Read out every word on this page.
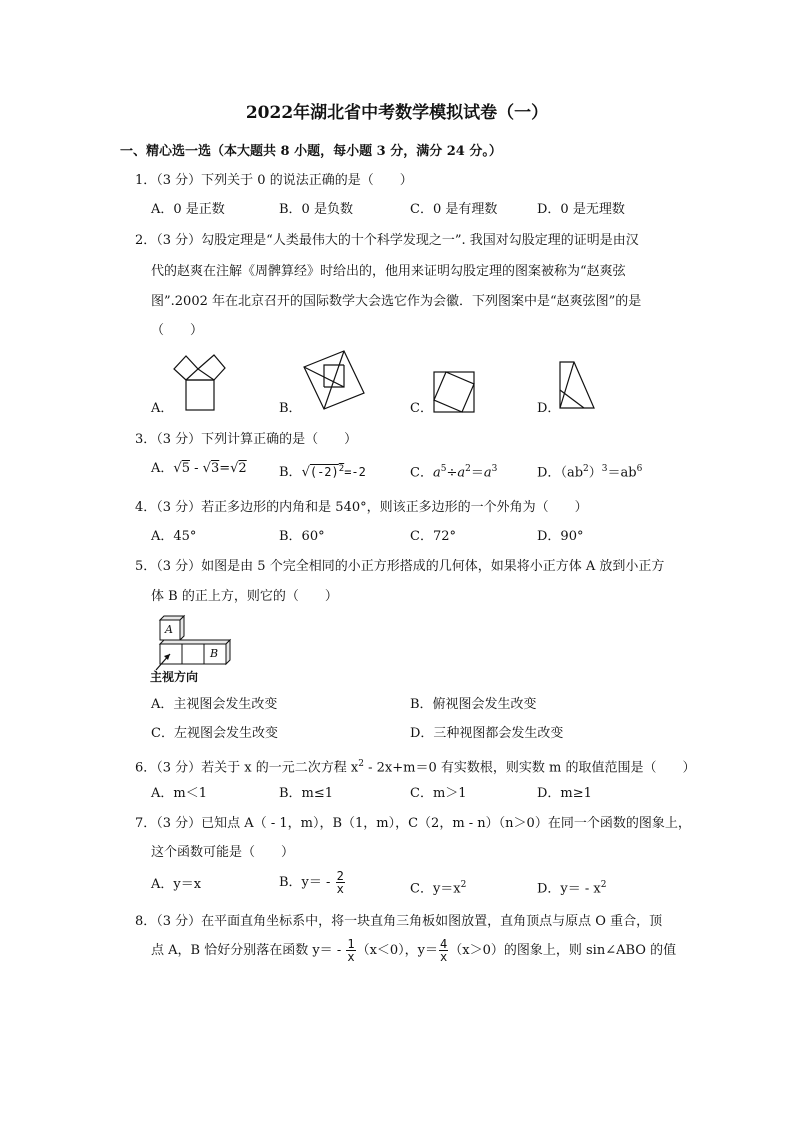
2022年湖北省中考数学模拟试卷（一）
一、精心选一选（本大题共 8 小题，每小题 3 分，满分 24 分。）
1．（3 分）下列关于 0 的说法正确的是（　　）
A．0 是正数	B．0 是负数	C．0 是有理数	D．0 是无理数
2．（3 分）勾股定理是“人类最伟大的十个科学发现之一”. 我国对勾股定理的证明是由汉
代的赵爽在注解《周髀算经》时给出的，他用来证明勾股定理的图案被称为“赵爽弦
图”.2002 年在北京召开的国际数学大会选它作为会徽．下列图案中是“赵爽弦图”的是
（　　）
A．	B．	C．	D．
3．（3 分）下列计算正确的是（　　）
A．√5 - √3=√2 B．$√(-2)^2=-2$	C．$a^5\div a^2=a^3$	D．$(ab^2)^3=ab^6$
4．（3 分）若正多边形的内角和是 540°，则该正多边形的一个外角为（　　）
A．45°	B．60°	C．72°	D．90°
5．（3 分）如图是由 5 个完全相同的小正方形搭成的几何体，如果将小正方体 A 放到小正方
体 B 的正上方，则它的（　　）
A
B
主视方向
A．主视图会发生改变	B．俯视图会发生改变
C．左视图会发生改变	D．三种视图都会发生改变
6．（3 分）若关于 x 的一元二次方程 $x^2 - 2x+m=0$ 有实数根，则实数 m 的取值范围是（　　）
A．m＜1	B．m≤1	C．m＞1	D．m≥1
7．（3 分）已知点 A（ - 1，m），B（1，m），C（2，m - n）（n＞0）在同一个函数的图象上，
这个函数可能是（　　）
A．y＝x	B．$y= - \frac{2}{x}$	C．$y=x^2$	D．$y= - x^2$
8．（3 分）在平面直角坐标系中，将一块直角三角板如图放置，直角顶点与原点 O 重合，顶
点 A，B 恰好分别落在函数 $y= - \frac{1}{x} (x<0)$，$y= \frac{4}{x} (x>0)$的图象上，则 sin∠ABO 的值
